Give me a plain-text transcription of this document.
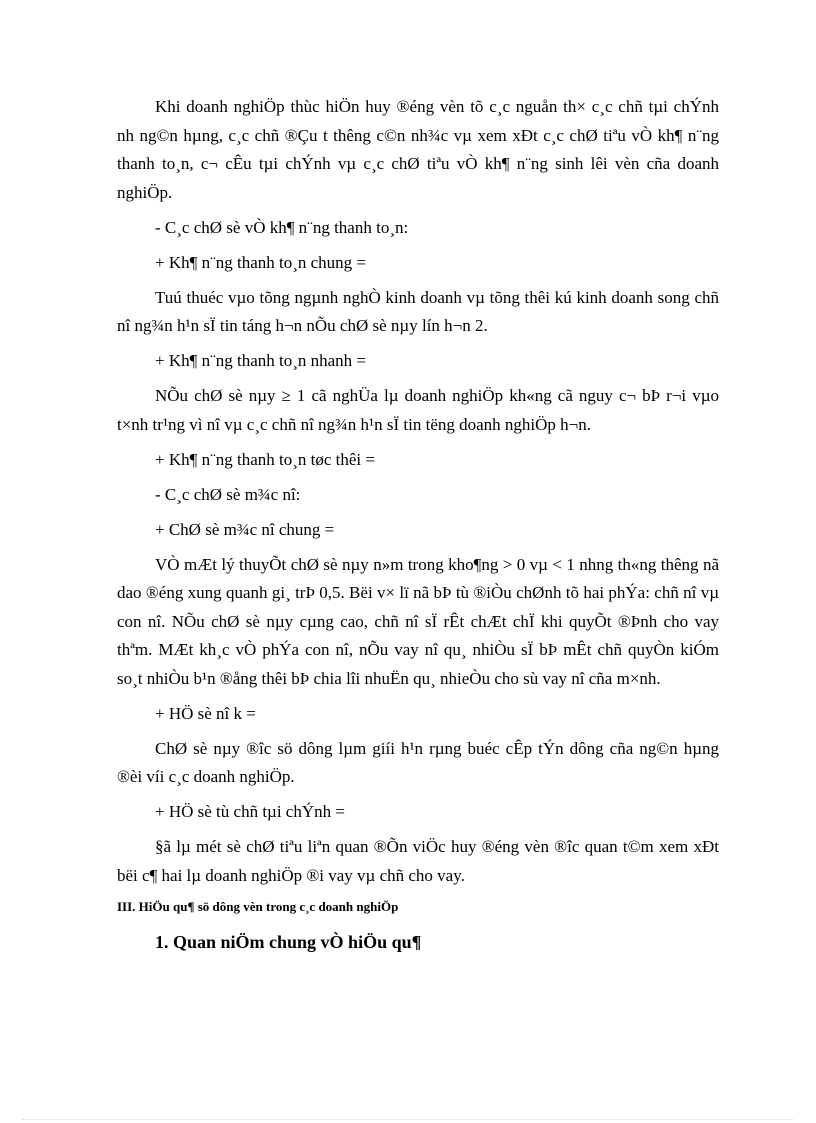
Khi doanh nghiÖp thùc hiÖn huy ®éng vèn tõ c¸c nguån th× c¸c chñ tµi chÝnh nh ng©n hµng, c¸c chñ ®Çu t thêng c©n nh¾c vµ xem xÐt c¸c chØ tiªu vÒ kh¶ n¨ng thanh to¸n, c¬ cÊu tµi chÝnh vµ c¸c chØ tiªu vÒ kh¶ n¨ng sinh lêi vèn cña doanh nghiÖp.

- C¸c chØ sè vÒ kh¶ n¨ng thanh to¸n:

+ Kh¶ n¨ng thanh to¸n chung =

Tuú thuéc vµo tõng ngµnh nghÒ kinh doanh vµ tõng thêi kú kinh doanh song chñ nî ng¾n h¹n sÏ tin táng h¬n nÕu chØ sè nµy lín h¬n 2.

+ Kh¶ n¨ng thanh to¸n nhanh =

NÕu chØ sè nµy ≥ 1 cã nghÜa lµ doanh nghiÖp kh«ng cã nguy c¬ bÞ r¬i vµo t×nh tr¹ng vì nî vµ c¸c chñ nî ng¾n h¹n sÏ tin tëng doanh nghiÖp h¬n.

+ Kh¶ n¨ng thanh to¸n tøc thêi =

- C¸c chØ sè m¾c nî:

+ ChØ sè m¾c nî chung =

VÒ mÆt lý thuyÕt chØ sè nµy n»m trong kho¶ng > 0 vµ < 1 nhng th«ng thêng nã dao ®éng xung quanh gi¸ trÞ 0,5. Bëi v× lï nã bÞ tù ®iÒu chØnh tõ hai phÝa: chñ nî vµ con nî. NÕu chØ sè nµy cµng cao, chñ nî sÏ rÊt chÆt chÏ khi quyÕt ®Þnh cho vay thªm. MÆt kh¸c vÒ phÝa con nî, nÕu vay nî qu¸ nhiÒu sÏ bÞ mÊt chñ quyÒn kiÓm so¸t nhiÒu b¹n ®ång thêi bÞ chia lîi nhuËn qu¸ nhieÒu cho sù vay nî cña m×nh.

+ HÖ sè nî k =

ChØ sè nµy ®îc sö dông lµm giíi h¹n rµng buéc cÊp tÝn dông cña ng©n hµng ®èi víi c¸c doanh nghiÖp.

+ HÖ sè tù chñ tµi chÝnh =

§ã lµ mét sè chØ tiªu liªn quan ®Õn viÖc huy ®éng vèn ®îc quan t©m xem xÐt bëi c¶ hai lµ doanh nghiÖp ®i vay vµ chñ cho vay.

III. HiÖu qu¶ sö dông vèn trong c¸c doanh nghiÖp
1. Quan niÖm chung vÒ hiÖu qu¶
